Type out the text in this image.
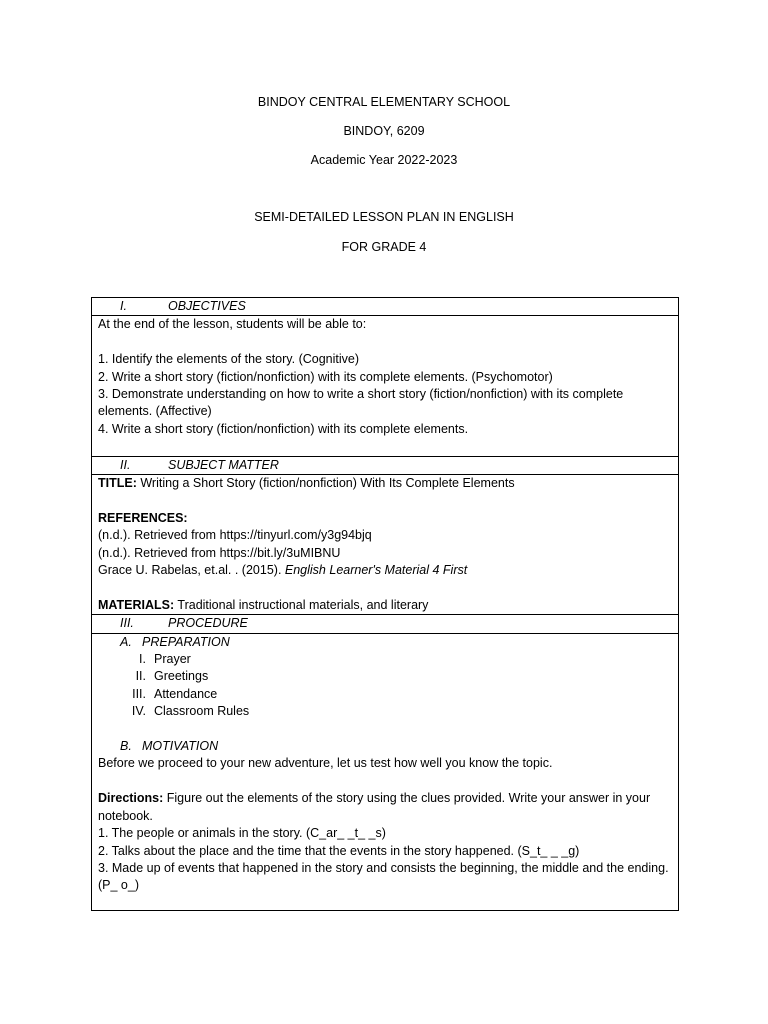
BINDOY CENTRAL ELEMENTARY SCHOOL
BINDOY, 6209
Academic Year 2022-2023
SEMI-DETAILED LESSON PLAN IN ENGLISH
FOR GRADE 4
I.	OBJECTIVES

At the end of the lesson, students will be able to:
1. Identify the elements of the story. (Cognitive)
2. Write a short story (fiction/nonfiction) with its complete elements. (Psychomotor)
3. Demonstrate understanding on how to write a short story (fiction/nonfiction) with its complete elements. (Affective)
4. Write a short story (fiction/nonfiction) with its complete elements.

II.	SUBJECT MATTER

TITLE: Writing a Short Story (fiction/nonfiction) With Its Complete Elements
REFERENCES:
(n.d.). Retrieved from https://tinyurl.com/y3g94bjq
(n.d.). Retrieved from https://bit.ly/3uMIBNU
Grace U. Rabelas, et.al. . (2015). English Learner's Material 4 First
MATERIALS: Traditional instructional materials, and literary

III.	PROCEDURE

A. PREPARATION
I. Prayer
II. Greetings
III. Attendance
IV. Classroom Rules
B. MOTIVATION
Before we proceed to your new adventure, let us test how well you know the topic.
Directions: Figure out the elements of the story using the clues provided. Write your answer in your notebook.
1. The people or animals in the story. (C_ar_ _t_ _s)
2. Talks about the place and the time that the events in the story happened. (S_t_ _ _g)
3. Made up of events that happened in the story and consists the beginning, the middle and the ending. (P_ o_)
